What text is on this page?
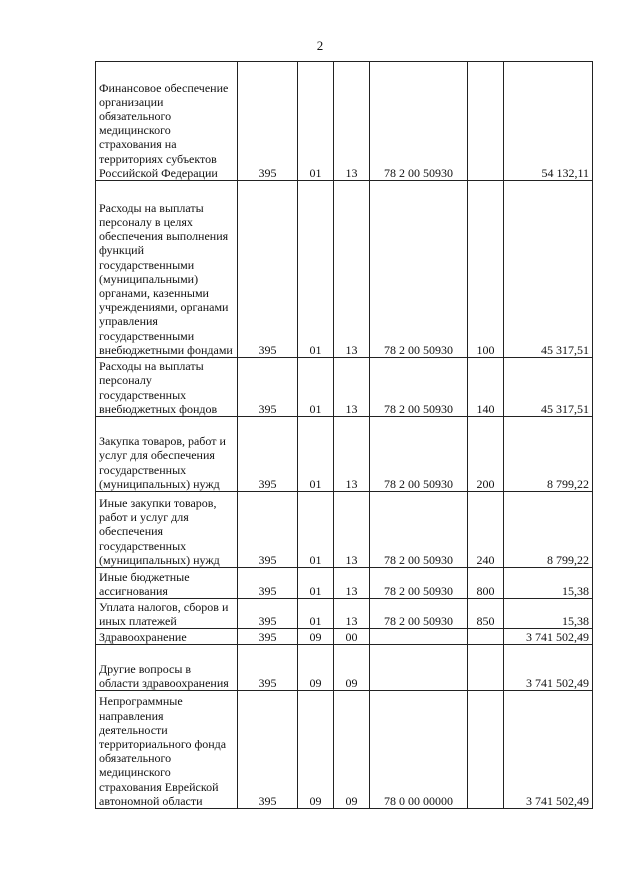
2
Финансовое обеспечение организации обязательного медицинского страхования на территориях субъектов Российской Федерации	395	01	13	78 2 00 50930		54 132,11
Расходы на выплаты персоналу в целях обеспечения выполнения функций государственными (муниципальными) органами, казенными учреждениями, органами управления государственными внебюджетными фондами	395	01	13	78 2 00 50930	100	45 317,51
Расходы на выплаты персоналу государственных внебюджетных фондов	395	01	13	78 2 00 50930	140	45 317,51
Закупка товаров, работ и услуг для обеспечения государственных (муниципальных) нужд	395	01	13	78 2 00 50930	200	8 799,22
Иные закупки товаров, работ и услуг для обеспечения государственных (муниципальных) нужд	395	01	13	78 2 00 50930	240	8 799,22
Иные бюджетные ассигнования	395	01	13	78 2 00 50930	800	15,38
Уплата налогов, сборов и иных платежей	395	01	13	78 2 00 50930	850	15,38
Здравоохранение	395	09	00			3 741 502,49
Другие вопросы в области здравоохранения	395	09	09			3 741 502,49
Непрограммные направления деятельности территориального фонда обязательного медицинского страхования Еврейской автономной области	395	09	09	78 0 00 00000		3 741 502,49
